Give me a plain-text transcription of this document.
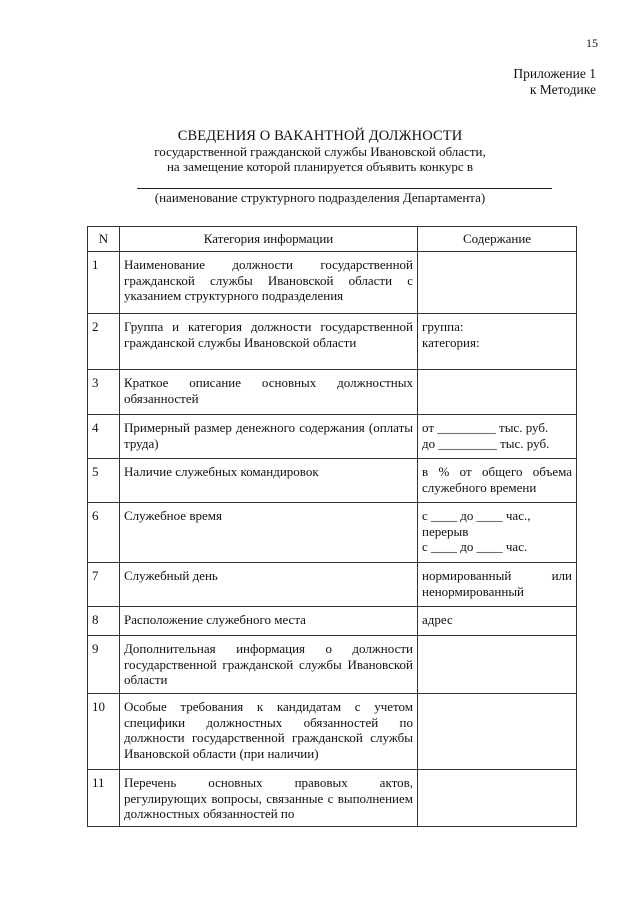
15
Приложение 1
к Методике
СВЕДЕНИЯ О ВАКАНТНОЙ ДОЛЖНОСТИ
государственной гражданской службы Ивановской области,
на замещение которой планируется объявить конкурс в
(наименование структурного подразделения Департамента)
N	Категория информации	Содержание
1	Наименование должности государственной гражданской службы Ивановской области с указанием структурного подразделения	
2	Группа и категория должности государственной гражданской службы Ивановской области	группа:
категория:

3	Краткое описание основных должностных обязанностей	
4	Примерный размер денежного содержания (оплаты труда)	от _________ тыс. руб.
до _________ тыс. руб.

5	Наличие служебных командировок	в % от общего объема служебного времени
6	Служебное время	с ____ до ____ час.,
перерыв
с ____ до ____ час.

7	Служебный день	нормированный или ненормированный
8	Расположение служебного места	адрес
9	Дополнительная информация о должности государственной гражданской службы Ивановской области	
10	Особые требования к кандидатам с учетом специфики должностных обязанностей по должности государственной гражданской службы Ивановской области (при наличии)	
11	Перечень основных правовых актов, регулирующих вопросы, связанные с выполнением должностных обязанностей по	
